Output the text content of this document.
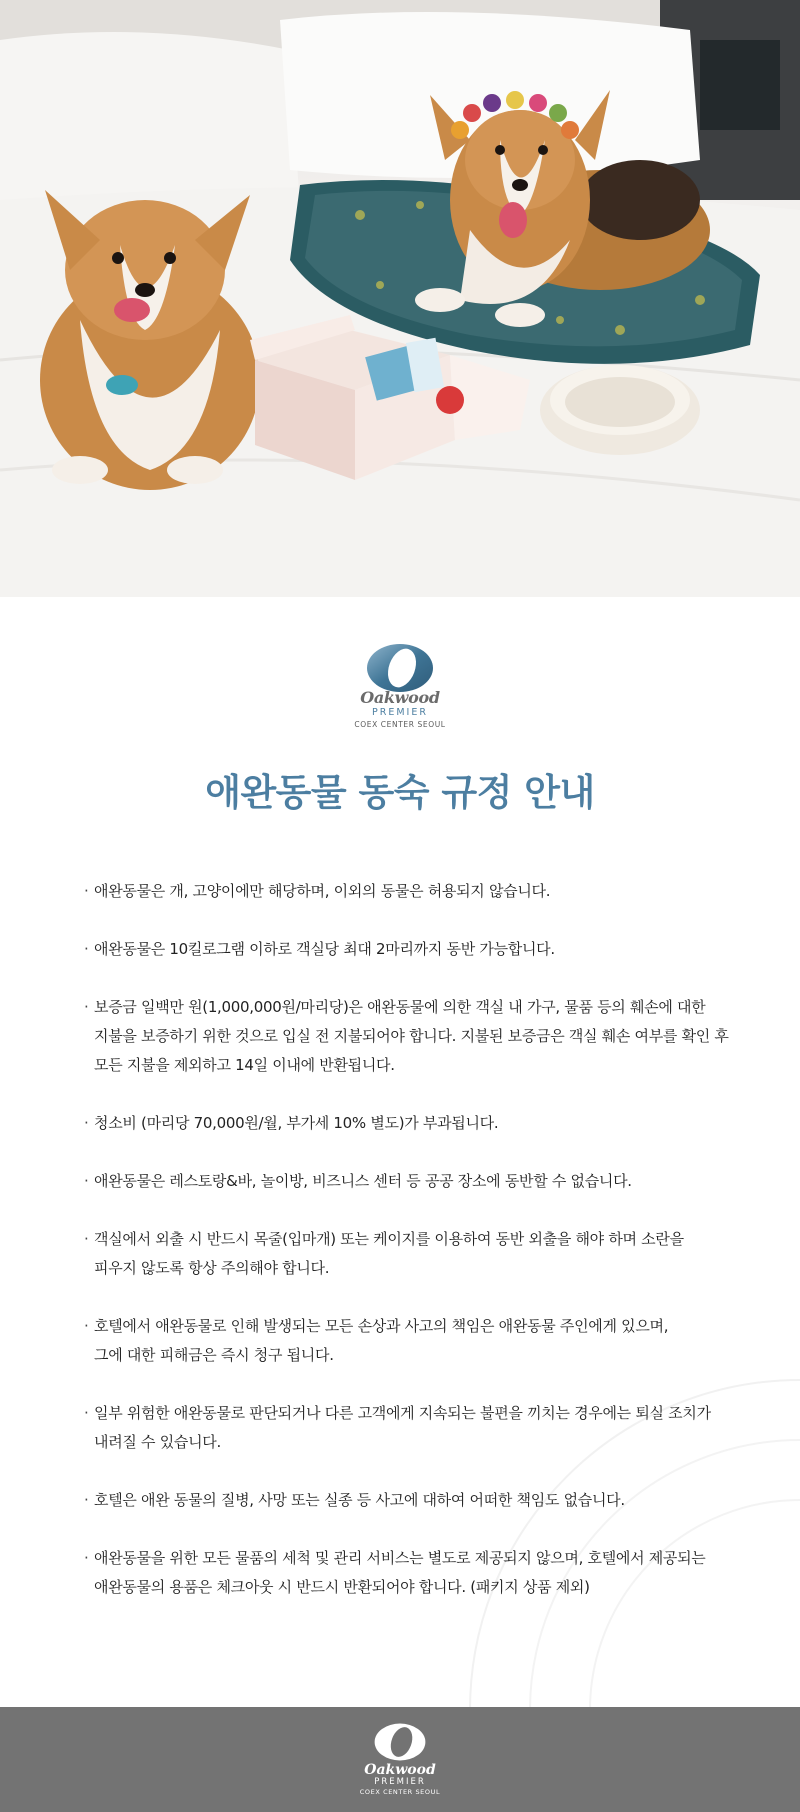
Oakwood
PREMIER
COEX CENTER SEOUL
애완동물 동숙 규정 안내
· 애완동물은 개, 고양이에만 해당하며, 이외의 동물은 허용되지 않습니다.
· 애완동물은 10킬로그램 이하로 객실당 최대 2마리까지 동반 가능합니다.
· 보증금 일백만 원(1,000,000원/마리당)은 애완동물에 의한 객실 내 가구, 물품 등의 훼손에 대한
지불을 보증하기 위한 것으로 입실 전 지불되어야 합니다. 지불된 보증금은 객실 훼손 여부를 확인 후
모든 지불을 제외하고 14일 이내에 반환됩니다.
· 청소비 (마리당 70,000원/월, 부가세 10% 별도)가 부과됩니다.
· 애완동물은 레스토랑&바, 놀이방, 비즈니스 센터 등 공공 장소에 동반할 수 없습니다.
· 객실에서 외출 시 반드시 목줄(입마개) 또는 케이지를 이용하여 동반 외출을 해야 하며 소란을
피우지 않도록 항상 주의해야 합니다.
· 호텔에서 애완동물로 인해 발생되는 모든 손상과 사고의 책임은 애완동물 주인에게 있으며,
그에 대한 피해금은 즉시 청구 됩니다.
· 일부 위험한 애완동물로 판단되거나 다른 고객에게 지속되는 불편을 끼치는 경우에는 퇴실 조치가
내려질 수 있습니다.
· 호텔은 애완 동물의 질병, 사망 또는 실종 등 사고에 대하여 어떠한 책임도 없습니다.
· 애완동물을 위한 모든 물품의 세척 및 관리 서비스는 별도로 제공되지 않으며, 호텔에서 제공되는
애완동물의 용품은 체크아웃 시 반드시 반환되어야 합니다. (패키지 상품 제외)
Oakwood
PREMIER
COEX CENTER SEOUL
